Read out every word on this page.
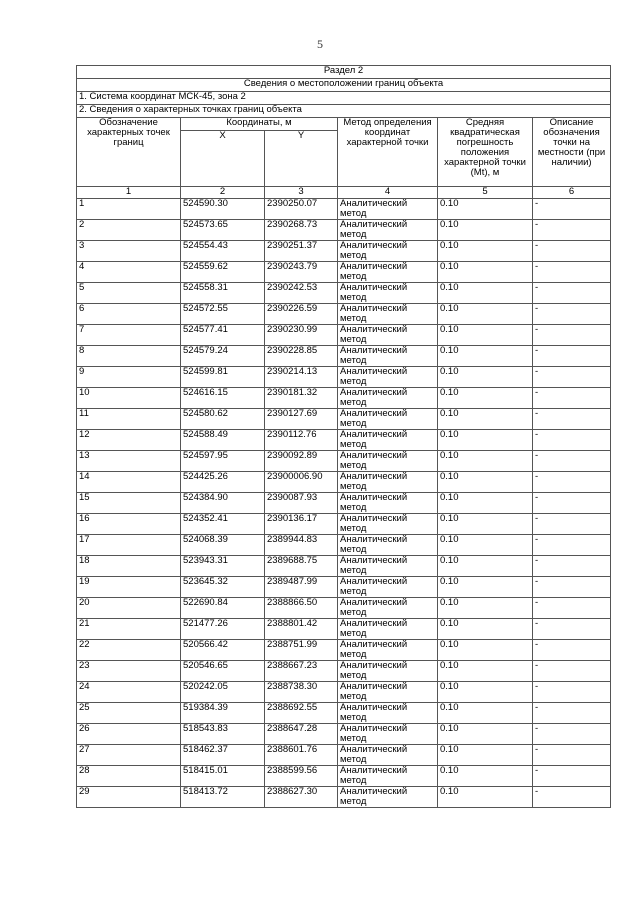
5
Раздел 2					
Сведения о местоположении границ объекта					
1. Система координат МСК-45, зона 2					
2. Сведения о характерных точках границ объекта					
Обозначение характерных точек границ	Координаты, м		Метод определения координат характерной точки	Средняя квадратическая погрешность положения характерной точки (Mt), м	Описание обозначения точки на местности (при наличии)
	X	Y			
1	2	3	4	5	6
1	524590.30	2390250.07	Аналитический метод	0.10	-
2	524573.65	2390268.73	Аналитический метод	0.10	-
3	524554.43	2390251.37	Аналитический метод	0.10	-
4	524559.62	2390243.79	Аналитический метод	0.10	-
5	524558.31	2390242.53	Аналитический метод	0.10	-
6	524572.55	2390226.59	Аналитический метод	0.10	-
7	524577.41	2390230.99	Аналитический метод	0.10	-
8	524579.24	2390228.85	Аналитический метод	0.10	-
9	524599.81	2390214.13	Аналитический метод	0.10	-
10	524616.15	2390181.32	Аналитический метод	0.10	-
11	524580.62	2390127.69	Аналитический метод	0.10	-
12	524588.49	2390112.76	Аналитический метод	0.10	-
13	524597.95	2390092.89	Аналитический метод	0.10	-
14	524425.26	23900006.90	Аналитический метод	0.10	-
15	524384.90	2390087.93	Аналитический метод	0.10	-
16	524352.41	2390136.17	Аналитический метод	0.10	-
17	524068.39	2389944.83	Аналитический метод	0.10	-
18	523943.31	2389688.75	Аналитический метод	0.10	-
19	523645.32	2389487.99	Аналитический метод	0.10	-
20	522690.84	2388866.50	Аналитический метод	0.10	-
21	521477.26	2388801.42	Аналитический метод	0.10	-
22	520566.42	2388751.99	Аналитический метод	0.10	-
23	520546.65	2388667.23	Аналитический метод	0.10	-
24	520242.05	2388738.30	Аналитический метод	0.10	-
25	519384.39	2388692.55	Аналитический метод	0.10	-
26	518543.83	2388647.28	Аналитический метод	0.10	-
27	518462.37	2388601.76	Аналитический метод	0.10	-
28	518415.01	2388599.56	Аналитический метод	0.10	-
29	518413.72	2388627.30	Аналитический метод	0.10	-
